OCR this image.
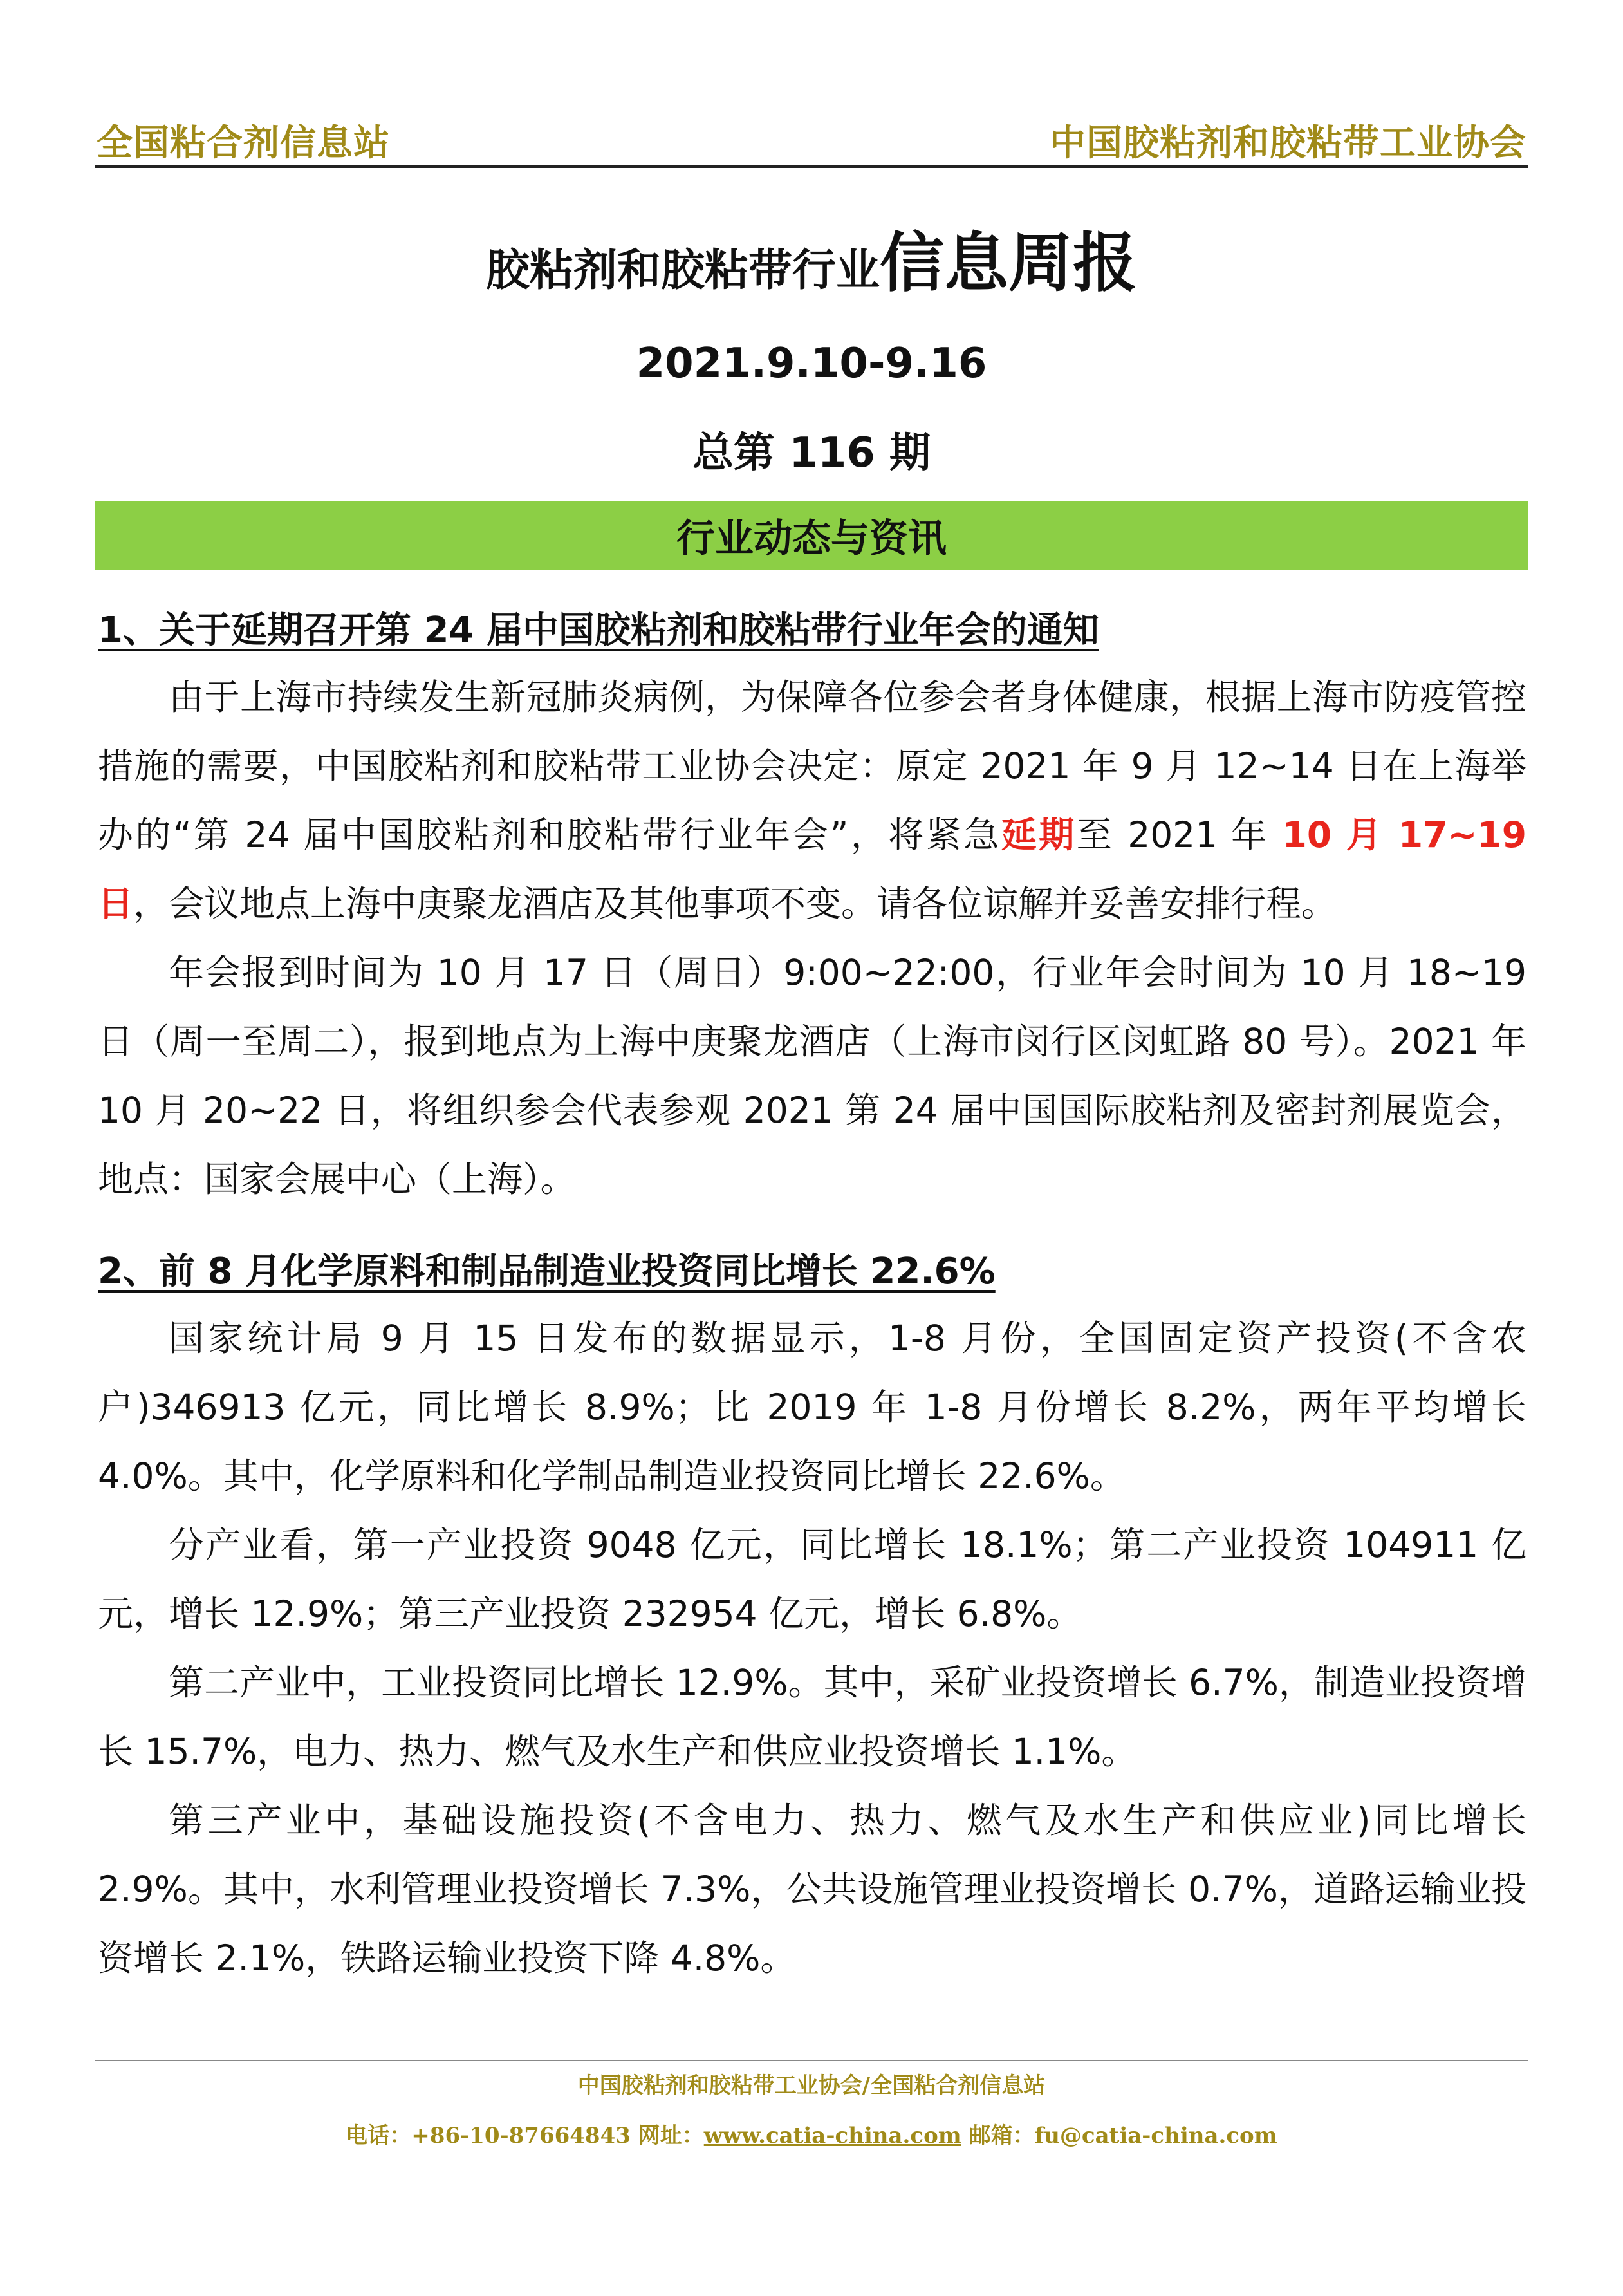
全国粘合剂信息站	中国胶粘剂和胶粘带工业协会
胶粘剂和胶粘带行业信息周报
2021.9.10-9.16
总第 116 期
行业动态与资讯

1、关于延期召开第 24 届中国胶粘剂和胶粘带行业年会的通知

由于上海市持续发生新冠肺炎病例，为保障各位参会者身体健康，根据上海市防疫管控措施的需要，中国胶粘剂和胶粘带工业协会决定：原定 2021 年 9 月 12~14 日在上海举办的“第 24 届中国胶粘剂和胶粘带行业年会”，将紧急延期至 2021 年 10 月 17~19 日，会议地点上海中庚聚龙酒店及其他事项不变。请各位谅解并妥善安排行程。

年会报到时间为 10 月 17 日（周日）9:00~22:00，行业年会时间为 10 月 18~19 日（周一至周二），报到地点为上海中庚聚龙酒店（上海市闵行区闵虹路 80 号）。2021 年 10 月 20~22 日，将组织参会代表参观 2021 第 24 届中国国际胶粘剂及密封剂展览会，地点：国家会展中心（上海）。

2、前 8 月化学原料和制品制造业投资同比增长 22.6%

国家统计局 9 月 15 日发布的数据显示，1-8 月份，全国固定资产投资(不含农户)346913 亿元，同比增长 8.9%；比 2019 年 1-8 月份增长 8.2%，两年平均增长 4.0%。其中，化学原料和化学制品制造业投资同比增长 22.6%。

分产业看，第一产业投资 9048 亿元，同比增长 18.1%；第二产业投资 104911 亿元，增长 12.9%；第三产业投资 232954 亿元，增长 6.8%。

第二产业中，工业投资同比增长 12.9%。其中，采矿业投资增长 6.7%，制造业投资增长 15.7%，电力、热力、燃气及水生产和供应业投资增长 1.1%。

第三产业中，基础设施投资(不含电力、热力、燃气及水生产和供应业)同比增长 2.9%。其中，水利管理业投资增长 7.3%，公共设施管理业投资增长 0.7%，道路运输业投资增长 2.1%，铁路运输业投资下降 4.8%。

中国胶粘剂和胶粘带工业协会/全国粘合剂信息站
电话：+86-10-87664843 网址：www.catia-china.com 邮箱：fu@catia-china.com
